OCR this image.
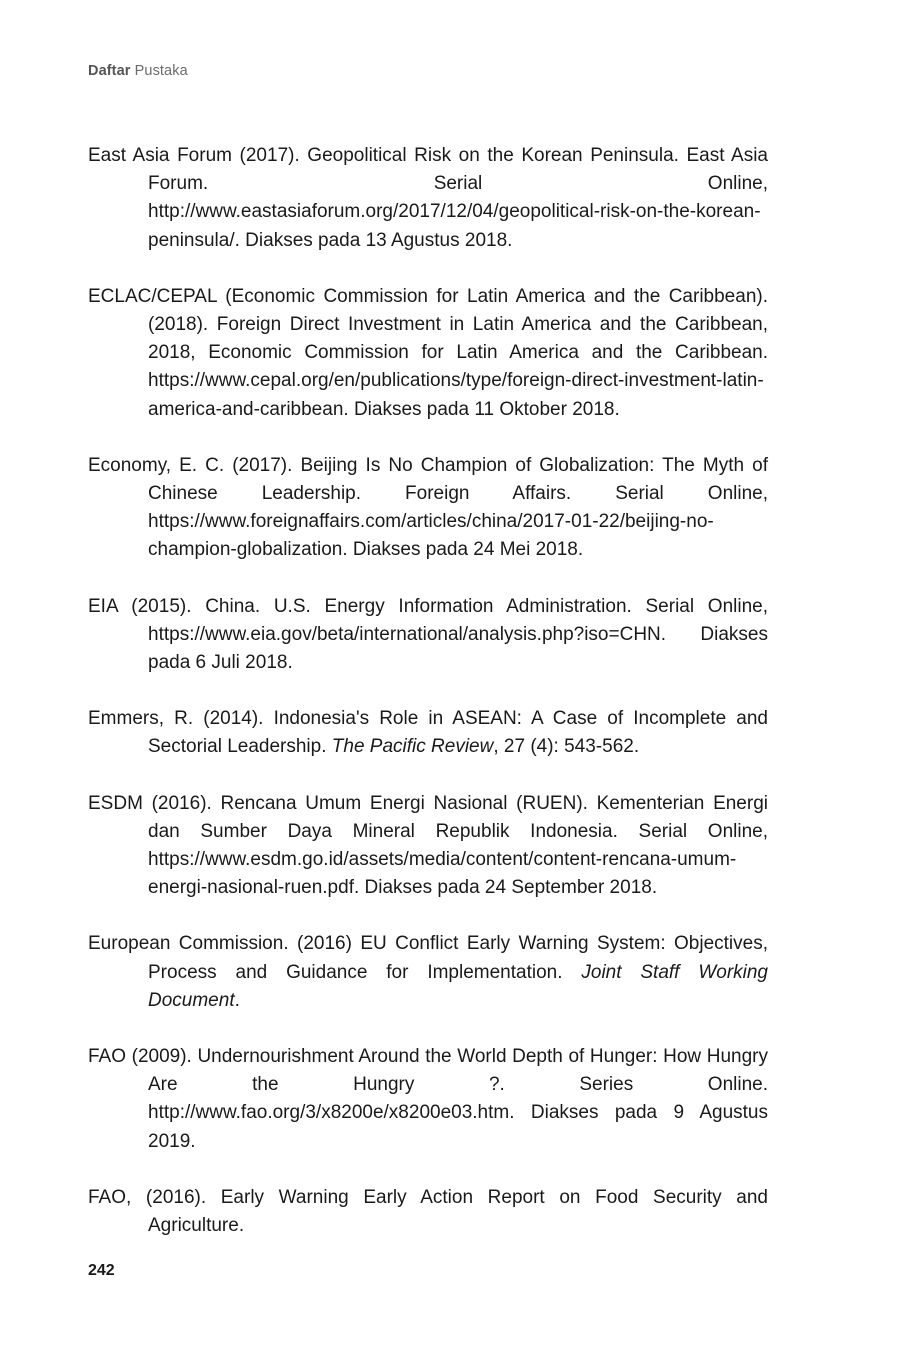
Daftar Pustaka

East Asia Forum (2017). Geopolitical Risk on the Korean Peninsula. East Asia Forum. Serial Online, http://www.eastasiaforum.org/2017/12/04/geopolitical-risk-on-the-korean-peninsula/. Diakses pada 13 Agustus 2018.

ECLAC/CEPAL (Economic Commission for Latin America and the Caribbean). (2018). Foreign Direct Investment in Latin America and the Caribbean, 2018, Economic Commission for Latin America and the Caribbean. https://www.cepal.org/en/publications/type/foreign-direct-investment-latin-america-and-caribbean. Diakses pada 11 Oktober 2018.

Economy, E. C. (2017). Beijing Is No Champion of Globalization: The Myth of Chinese Leadership. Foreign Affairs. Serial Online, https://www.foreignaffairs.com/articles/china/2017-01-22/beijing-no-champion-globalization. Diakses pada 24 Mei 2018.

EIA (2015). China. U.S. Energy Information Administration. Serial Online, https://www.eia.gov/beta/international/analysis.php?iso=CHN. Diakses pada 6 Juli 2018.

Emmers, R. (2014). Indonesia's Role in ASEAN: A Case of Incomplete and Sectorial Leadership. The Pacific Review, 27 (4): 543-562.

ESDM (2016). Rencana Umum Energi Nasional (RUEN). Kementerian Energi dan Sumber Daya Mineral Republik Indonesia. Serial Online, https://www.esdm.go.id/assets/media/content/content-rencana-umum-energi-nasional-ruen.pdf. Diakses pada 24 September 2018.

European Commission. (2016) EU Conflict Early Warning System: Objectives, Process and Guidance for Implementation. Joint Staff Working Document.

FAO (2009). Undernourishment Around the World Depth of Hunger: How Hungry Are the Hungry ?. Series Online. http://www.fao.org/3/x8200e/x8200e03.htm. Diakses pada 9 Agustus 2019.

FAO, (2016). Early Warning Early Action Report on Food Security and Agriculture.

242
